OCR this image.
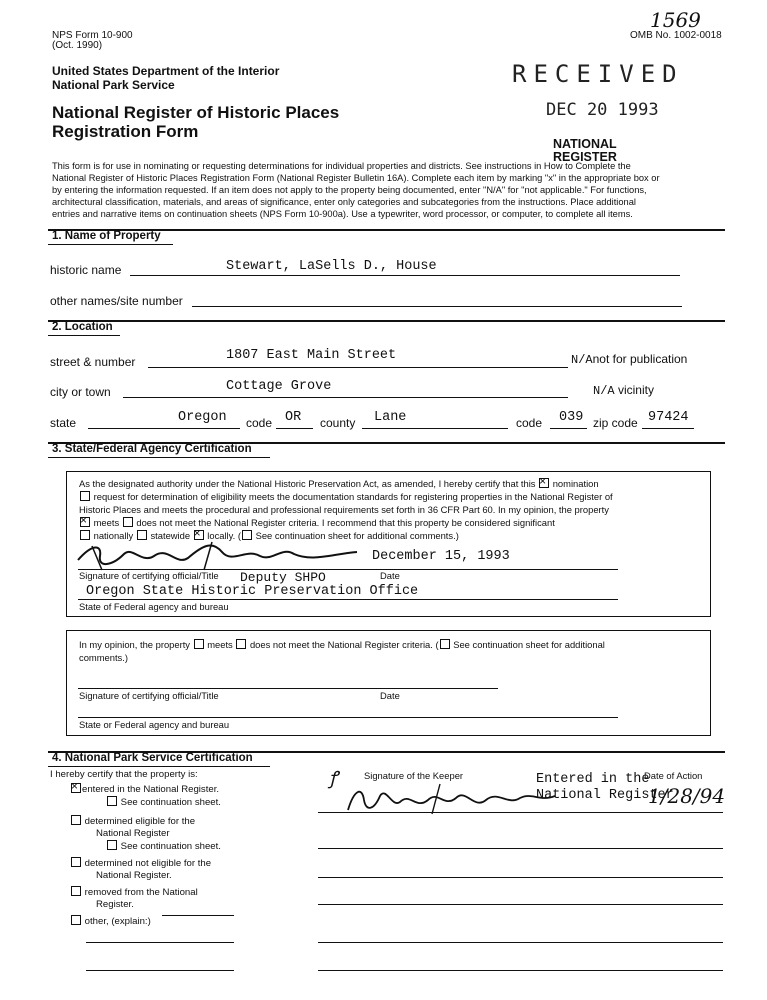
NPS Form 10-900
(Oct. 1990)
OMB No. 1002‑0018
1569
United States Department of the Interior
National Park Service
National Register of Historic Places
Registration Form
RECEIVED
DEC 20 1993
NATIONAL
REGISTER
This form is for use in nominating or requesting determinations for individual properties and districts. See instructions in How to Complete the
National Register of Historic Places Registration Form (National Register Bulletin 16A). Complete each item by marking "x" in the appropriate box or
by entering the information requested. If an item does not apply to the property being documented, enter "N/A" for "not applicable." For functions,
architectural classification, materials, and areas of significance, enter only categories and subcategories from the instructions. Place additional
entries and narrative items on continuation sheets (NPS Form 10-900a). Use a typewriter, word processor, or computer, to complete all items.
1. Name of Property
historic name	Stewart, LaSells D., House
other names/site number
2. Location
street & number	1807 East Main Street	N/Anot for publication
city or town	Cottage Grove	N/A vicinity
state	Oregon code OR county Lane	code 039 zip code 97424
3. State/Federal Agency Certification
As the designated authority under the National Historic Preservation Act, as amended, I hereby certify that this × nomination
request for determination of eligibility meets the documentation standards for registering properties in the National Register of
Historic Places and meets the procedural and professional requirements set forth in 36 CFR Part 60. In my opinion, the property
× meets does not meet the National Register criteria. I recommend that this property be considered significant
nationally statewide × locally. ( See continuation sheet for additional comments.)
December 15, 1993
Signature of certifying official/Title Deputy SHPO	Date
Oregon State Historic Preservation Office
State of Federal agency and bureau
In my opinion, the property meets does not meet the National Register criteria. ( See continuation sheet for additional
comments.)
Signature of certifying official/Title	Date
State or Federal agency and bureau
4. National Park Service Certification
I hereby certify that the property is:
×entered in the National Register.
See continuation sheet.
determined eligible for the
National Register
See continuation sheet.
determined not eligible for the
National Register.
removed from the National
Register.
other, (explain:)
ꝭ	Signature of the Keeper	Date of Action
Entered in the
National Register
1/28/94
